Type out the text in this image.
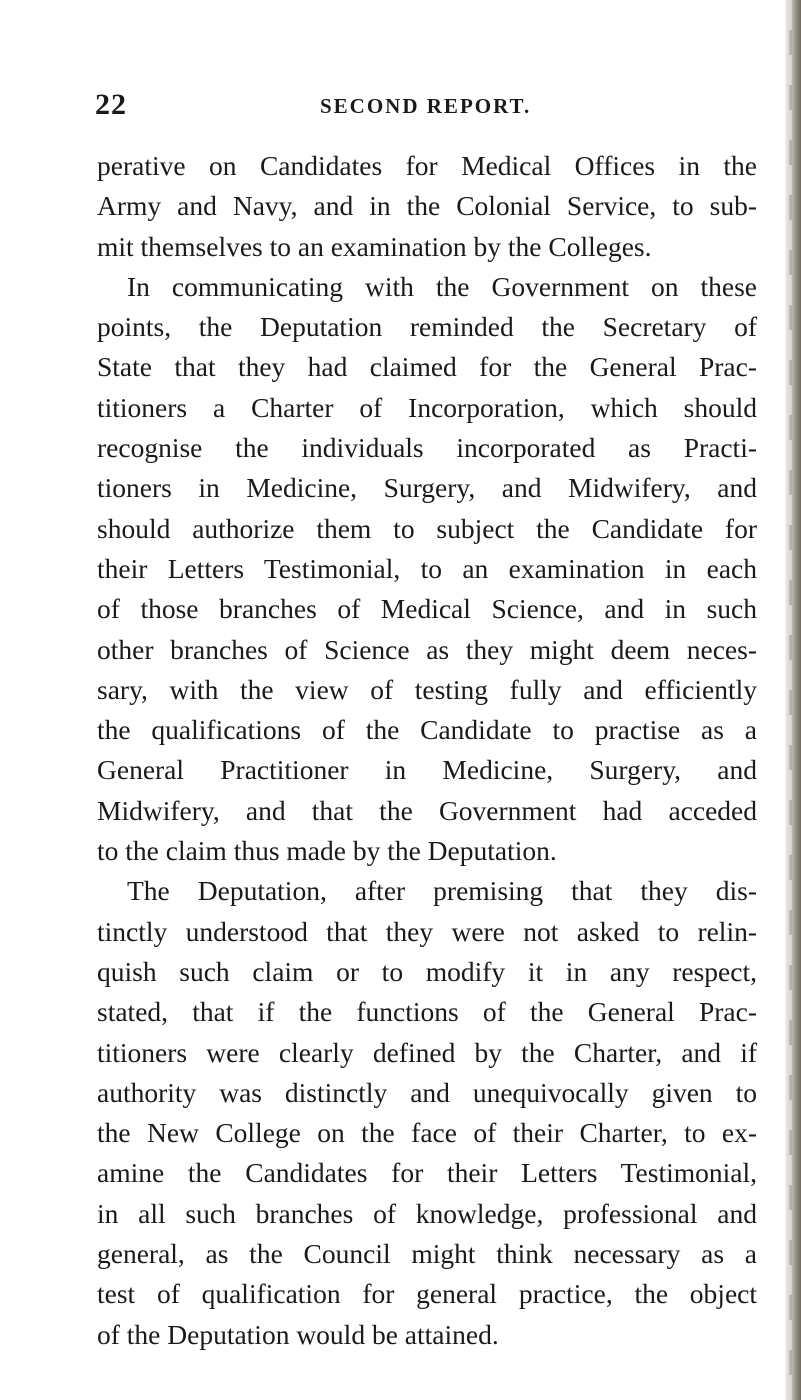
22	SECOND REPORT.
perative on Candidates for Medical Offices in the
Army and Navy, and in the Colonial Service, to sub-
mit themselves to an examination by the Colleges.
In communicating with the Government on these
points, the Deputation reminded the Secretary of
State that they had claimed for the General Prac-
titioners a Charter of Incorporation, which should
recognise the individuals incorporated as Practi-
tioners in Medicine, Surgery, and Midwifery, and
should authorize them to subject the Candidate for
their Letters Testimonial, to an examination in each
of those branches of Medical Science, and in such
other branches of Science as they might deem neces-
sary, with the view of testing fully and efficiently
the qualifications of the Candidate to practise as a
General Practitioner in Medicine, Surgery, and
Midwifery, and that the Government had acceded
to the claim thus made by the Deputation.
The Deputation, after premising that they dis-
tinctly understood that they were not asked to relin-
quish such claim or to modify it in any respect,
stated, that if the functions of the General Prac-
titioners were clearly defined by the Charter, and if
authority was distinctly and unequivocally given to
the New College on the face of their Charter, to ex-
amine the Candidates for their Letters Testimonial,
in all such branches of knowledge, professional and
general, as the Council might think necessary as a
test of qualification for general practice, the object
of the Deputation would be attained.
